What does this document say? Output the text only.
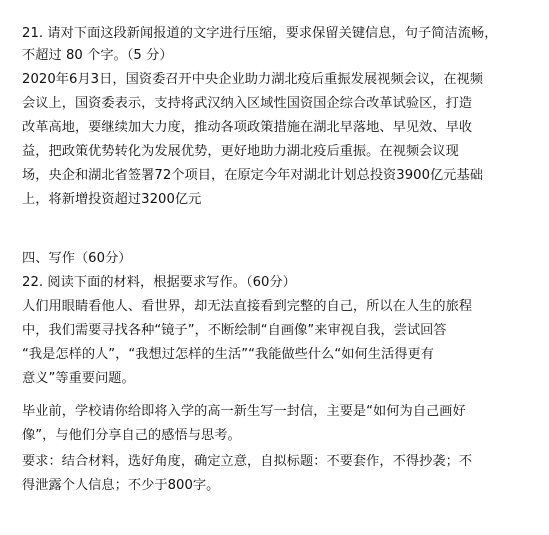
21. 请对下面这段新闻报道的文字进行压缩，要求保留关键信息，句子简洁流畅，
不超过 80 个字。（5 分）
2020年6月3日，国资委召开中央企业助力湖北疫后重振发展视频会议，在视频
会议上，国资委表示，支持将武汉纳入区域性国资国企综合改革试验区，打造
改革高地，要继续加大力度，推动各项政策措施在湖北早落地、早见效、早收
益，把政策优势转化为发展优势，更好地助力湖北疫后重振。在视频会议现
场，央企和湖北省签署72个项目，在原定今年对湖北计划总投资3900亿元基础
上，将新增投资超过3200亿元
四、写作（60分）
22. 阅读下面的材料，根据要求写作。（60分）
人们用眼睛看他人、看世界，却无法直接看到完整的自己，所以在人生的旅程
中，我们需要寻找各种“镜子”，不断绘制“自画像”来审视自我，尝试回答
“我是怎样的人”，“我想过怎样的生活”“我能做些什么“如何生活得更有
意义”等重要问题。
毕业前，学校请你给即将入学的高一新生写一封信，主要是“如何为自己画好
像”，与他们分享自己的感悟与思考。
要求：结合材料，选好角度，确定立意，自拟标题：不要套作，不得抄袭；不
得泄露个人信息；不少于800字。
